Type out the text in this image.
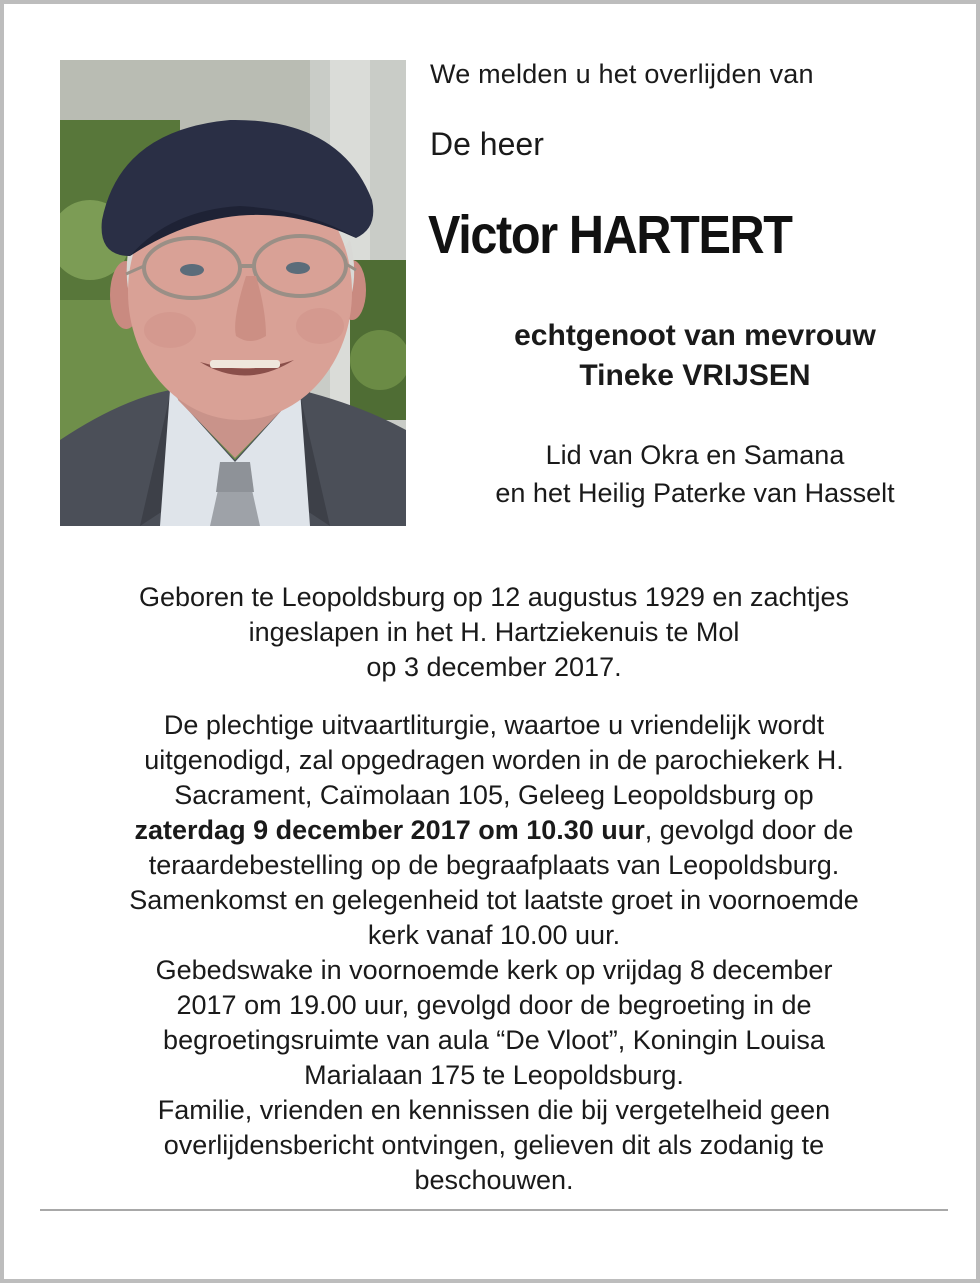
We melden u het overlijden van

De heer

Victor HARTERT

echtgenoot van mevrouw
Tineke VRIJSEN
Lid van Okra en Samana
en het Heilig Paterke van Hasselt

Geboren te Leopoldsburg op 12 augustus 1929 en zachtjes

ingeslapen in het H. Hartziekenuis te Mol

op 3 december 2017.

De plechtige uitvaartliturgie, waartoe u vriendelijk wordt

uitgenodigd, zal opgedragen worden in de parochiekerk H.

Sacrament, Caïmolaan 105, Geleeg Leopoldsburg op

zaterdag 9 december 2017 om 10.30 uur, gevolgd door de

teraardebestelling op de begraafplaats van Leopoldsburg.

Samenkomst en gelegenheid tot laatste groet in voornoemde

kerk vanaf 10.00 uur.

Gebedswake in voornoemde kerk op vrijdag 8 december

2017 om 19.00 uur, gevolgd door de begroeting in de

begroetingsruimte van aula “De Vloot”, Koningin Louisa

Marialaan 175 te Leopoldsburg.

Familie, vrienden en kennissen die bij vergetelheid geen

overlijdensbericht ontvingen, gelieven dit als zodanig te

beschouwen.
